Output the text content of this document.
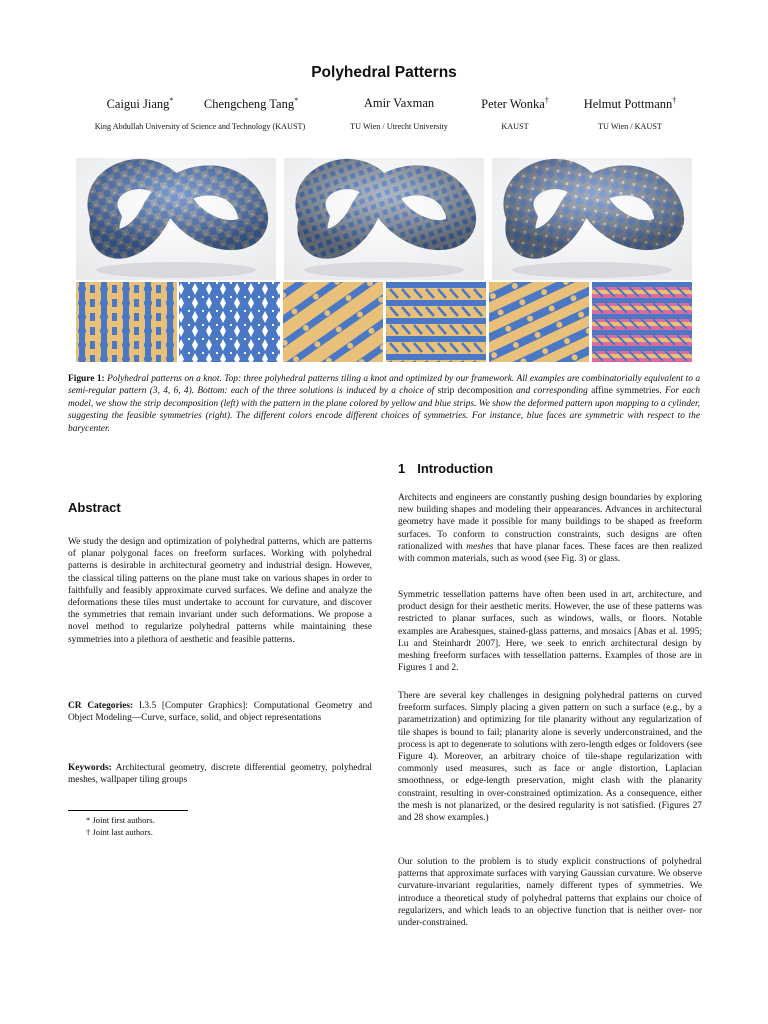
Polyhedral Patterns
Caigui Jiang*	Chengcheng Tang*	Amir Vaxman	Peter Wonka†	Helmut Pottmann†
King Abdullah University of Science and Technology (KAUST)	TU Wien / Utrecht University	KAUST	TU Wien / KAUST
Figure 1: Polyhedral patterns on a knot. Top: three polyhedral patterns tiling a knot and optimized by our framework. All examples are combinatorially equivalent to a semi-regular pattern (3, 4, 6, 4). Bottom: each of the three solutions is induced by a choice of strip decomposition and corresponding affine symmetries. For each model, we show the strip decomposition (left) with the pattern in the plane colored by yellow and blue strips. We show the deformed pattern upon mapping to a cylinder, suggesting the feasible symmetries (right). The different colors encode different choices of symmetries. For instance, blue faces are symmetric with respect to the barycenter.
Abstract

We study the design and optimization of polyhedral patterns, which are patterns of planar polygonal faces on freeform surfaces. Working with polyhedral patterns is desirable in architectural geometry and industrial design. However, the classical tiling patterns on the plane must take on various shapes in order to faithfully and feasibly approximate curved surfaces. We define and analyze the deformations these tiles must undertake to account for curvature, and discover the symmetries that remain invariant under such deformations. We propose a novel method to regularize polyhedral patterns while maintaining these symmetries into a plethora of aesthetic and feasible patterns.

CR Categories: I.3.5 [Computer Graphics]: Computational Geometry and Object Modeling—Curve, surface, solid, and object representations

Keywords: Architectural geometry, discrete differential geometry, polyhedral meshes, wallpaper tiling groups

* Joint first authors.
† Joint last authors.
1 Introduction

Architects and engineers are constantly pushing design boundaries by exploring new building shapes and modeling their appearances. Advances in architectural geometry have made it possible for many buildings to be shaped as freeform surfaces. To conform to construction constraints, such designs are often rationalized with meshes that have planar faces. These faces are then realized with common materials, such as wood (see Fig. 3) or glass.

Symmetric tessellation patterns have often been used in art, architecture, and product design for their aesthetic merits. However, the use of these patterns was restricted to planar surfaces, such as windows, walls, or floors. Notable examples are Arabesques, stained-glass patterns, and mosaics [Abas et al. 1995; Lu and Steinhardt 2007]. Here, we seek to enrich architectural design by meshing freeform surfaces with tessellation patterns. Examples of those are in Figures 1 and 2.

There are several key challenges in designing polyhedral patterns on curved freeform surfaces. Simply placing a given pattern on such a surface (e.g., by a parametrization) and optimizing for tile planarity without any regularization of tile shapes is bound to fail; planarity alone is severly underconstrained, and the process is apt to degenerate to solutions with zero-length edges or foldovers (see Figure 4). Moreover, an arbitrary choice of tile-shape regularization with commonly used measures, such as face or angle distortion, Laplacian smoothness, or edge-length preservation, might clash with the planarity constraint, resulting in over-constrained optimization. As a consequence, either the mesh is not planarized, or the desired regularity is not satisfied. (Figures 27 and 28 show examples.)

Our solution to the problem is to study explicit constructions of polyhedral patterns that approximate surfaces with varying Gaussian curvature. We observe curvature-invariant regularities, namely different types of symmetries. We introduce a theoretical study of polyhedral patterns that explains our choice of regularizers, and which leads to an objective function that is neither over- nor under-constrained.
